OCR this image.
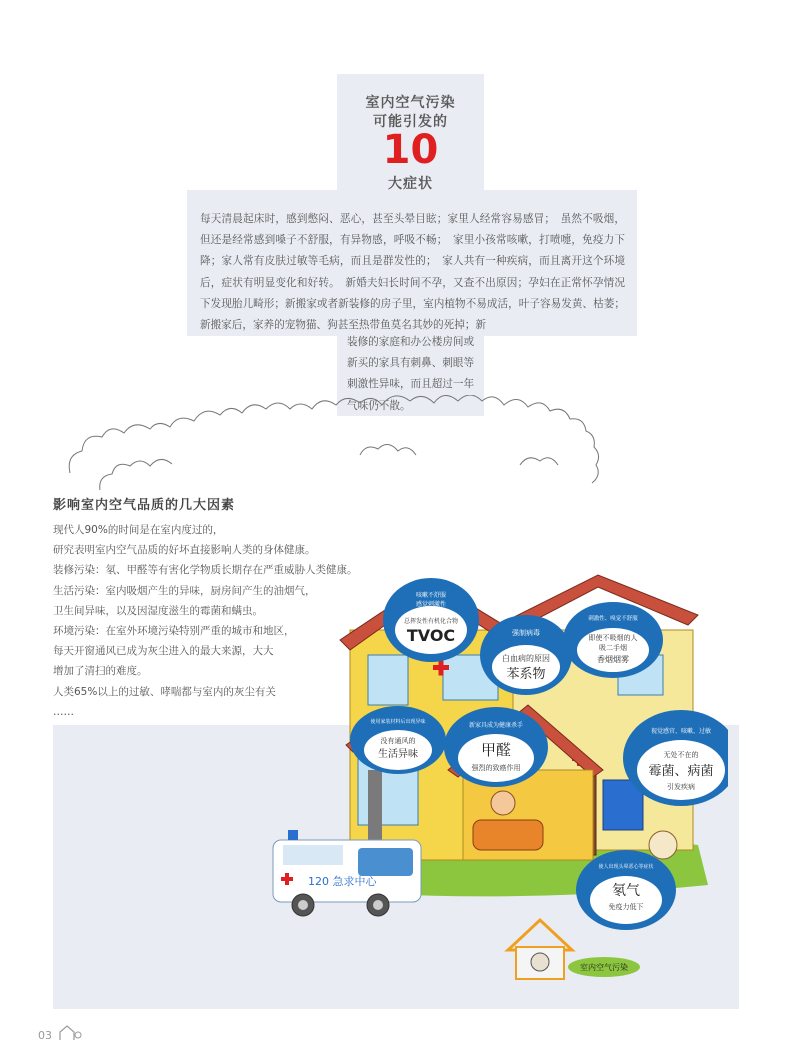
室内空气污染
可能引发的
10
大症状
每天清晨起床时，感到憋闷、恶心，甚至头晕目眩；家里人经常容易感冒；　虽然不吸烟，但还是经常感到嗓子不舒服，有异物感，呼吸不畅；　家里小孩常咳嗽，打喷嚏，免疫力下降；家人常有皮肤过敏等毛病，而且是群发性的；　家人共有一种疾病，而且离开这个环境后，症状有明显变化和好转。　新婚夫妇长时间不孕，又查不出原因；孕妇在正常怀孕情况下发现胎儿畸形；新搬家或者新装修的房子里，室内植物不易成活，叶子容易发黄、枯萎；新搬家后，家养的宠物猫、狗甚至热带鱼莫名其妙的死掉；新
装修的家庭和办公楼房间或新买的家具有刺鼻、刺眼等刺激性异味，而且超过一年气味仍不散。
影响室内空气品质的几大因素

现代人90%的时间是在室内度过的，

研究表明室内空气品质的好坏直接影响人类的身体健康。

装修污染：氡、甲醛等有害化学物质长期存在严重威胁人类健康。

生活污染：室内吸烟产生的异味，厨房间产生的油烟气，

卫生间异味，以及因湿度滋生的霉菌和螨虫。

环境污染：在室外环境污染特别严重的城市和地区，

每天开窗通风已成为灰尘进入的最大来源，大大

增加了清扫的难度。

人类65%以上的过敏、哮喘都与室内的灰尘有关

……

咳嗽不舒服
感觉刺激性
总挥发性有机化合物
TVOC	强制病毒
白血病的原因
苯系物
刺激性、嗅觉不舒服
即使不吸烟的人
吸二手烟
香烟烟雾
使用家装材料后出现异味
没有通风的
生活异味
新家具成为健康杀手
甲醛
强烈的致癌作用
视觉感官、咳嗽、过敏
无处不在的
霉菌、病菌
引发疾病
使人出现头晕恶心等症状
氡气
免疫力低下
120 急求中心
室内空气污染
03
